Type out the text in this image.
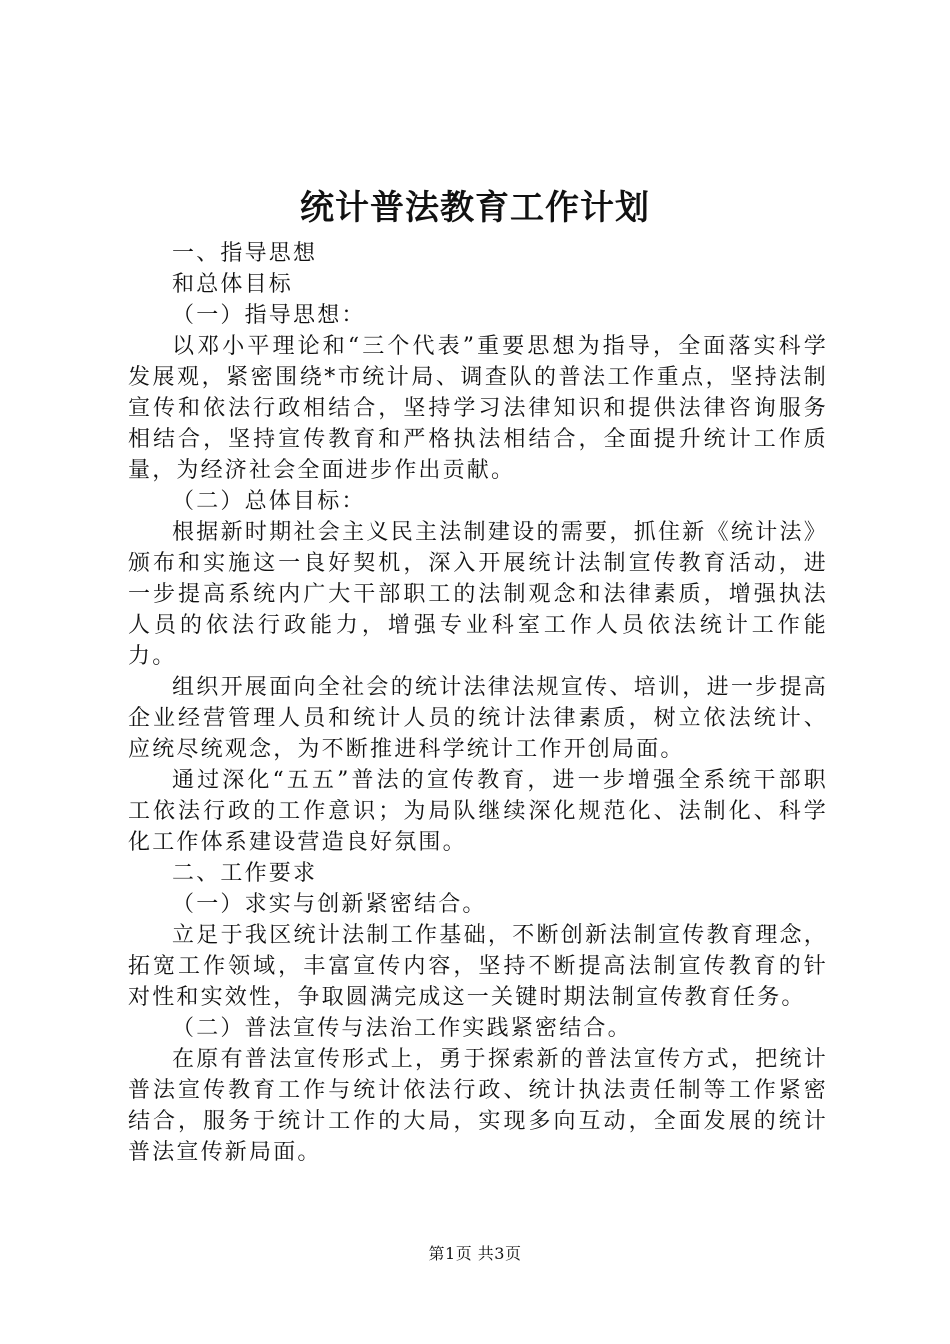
统计普法教育工作计划

一、指导思想

和总体目标

（一）指导思想：

以邓小平理论和“三个代表”重要思想为指导，全面落实科学发展观，紧密围绕*市统计局、调查队的普法工作重点，坚持法制宣传和依法行政相结合，坚持学习法律知识和提供法律咨询服务相结合，坚持宣传教育和严格执法相结合，全面提升统计工作质量，为经济社会全面进步作出贡献。

（二）总体目标：

根据新时期社会主义民主法制建设的需要，抓住新《统计法》颁布和实施这一良好契机，深入开展统计法制宣传教育活动，进一步提高系统内广大干部职工的法制观念和法律素质，增强执法人员的依法行政能力，增强专业科室工作人员依法统计工作能力。

组织开展面向全社会的统计法律法规宣传、培训，进一步提高企业经营管理人员和统计人员的统计法律素质，树立依法统计、应统尽统观念，为不断推进科学统计工作开创局面。

通过深化“五五”普法的宣传教育，进一步增强全系统干部职工依法行政的工作意识；为局队继续深化规范化、法制化、科学化工作体系建设营造良好氛围。

二、工作要求

（一）求实与创新紧密结合。

立足于我区统计法制工作基础，不断创新法制宣传教育理念，拓宽工作领域，丰富宣传内容，坚持不断提高法制宣传教育的针对性和实效性，争取圆满完成这一关键时期法制宣传教育任务。

（二）普法宣传与法治工作实践紧密结合。

在原有普法宣传形式上，勇于探索新的普法宣传方式，把统计普法宣传教育工作与统计依法行政、统计执法责任制等工作紧密结合，服务于统计工作的大局，实现多向互动，全面发展的统计普法宣传新局面。

第1页 共3页
